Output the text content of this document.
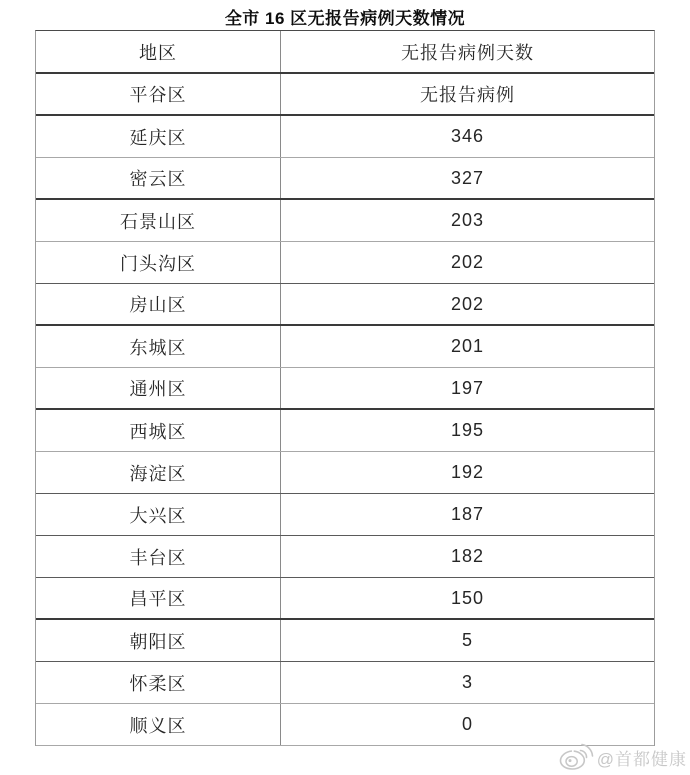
全市 16 区无报告病例天数情况
地区	无报告病例天数
平谷区	无报告病例
延庆区	346
密云区	327
石景山区	203
门头沟区	202
房山区	202
东城区	201
通州区	197
西城区	195
海淀区	192
大兴区	187
丰台区	182
昌平区	150
朝阳区	5
怀柔区	3
顺义区	0
@首都健康
